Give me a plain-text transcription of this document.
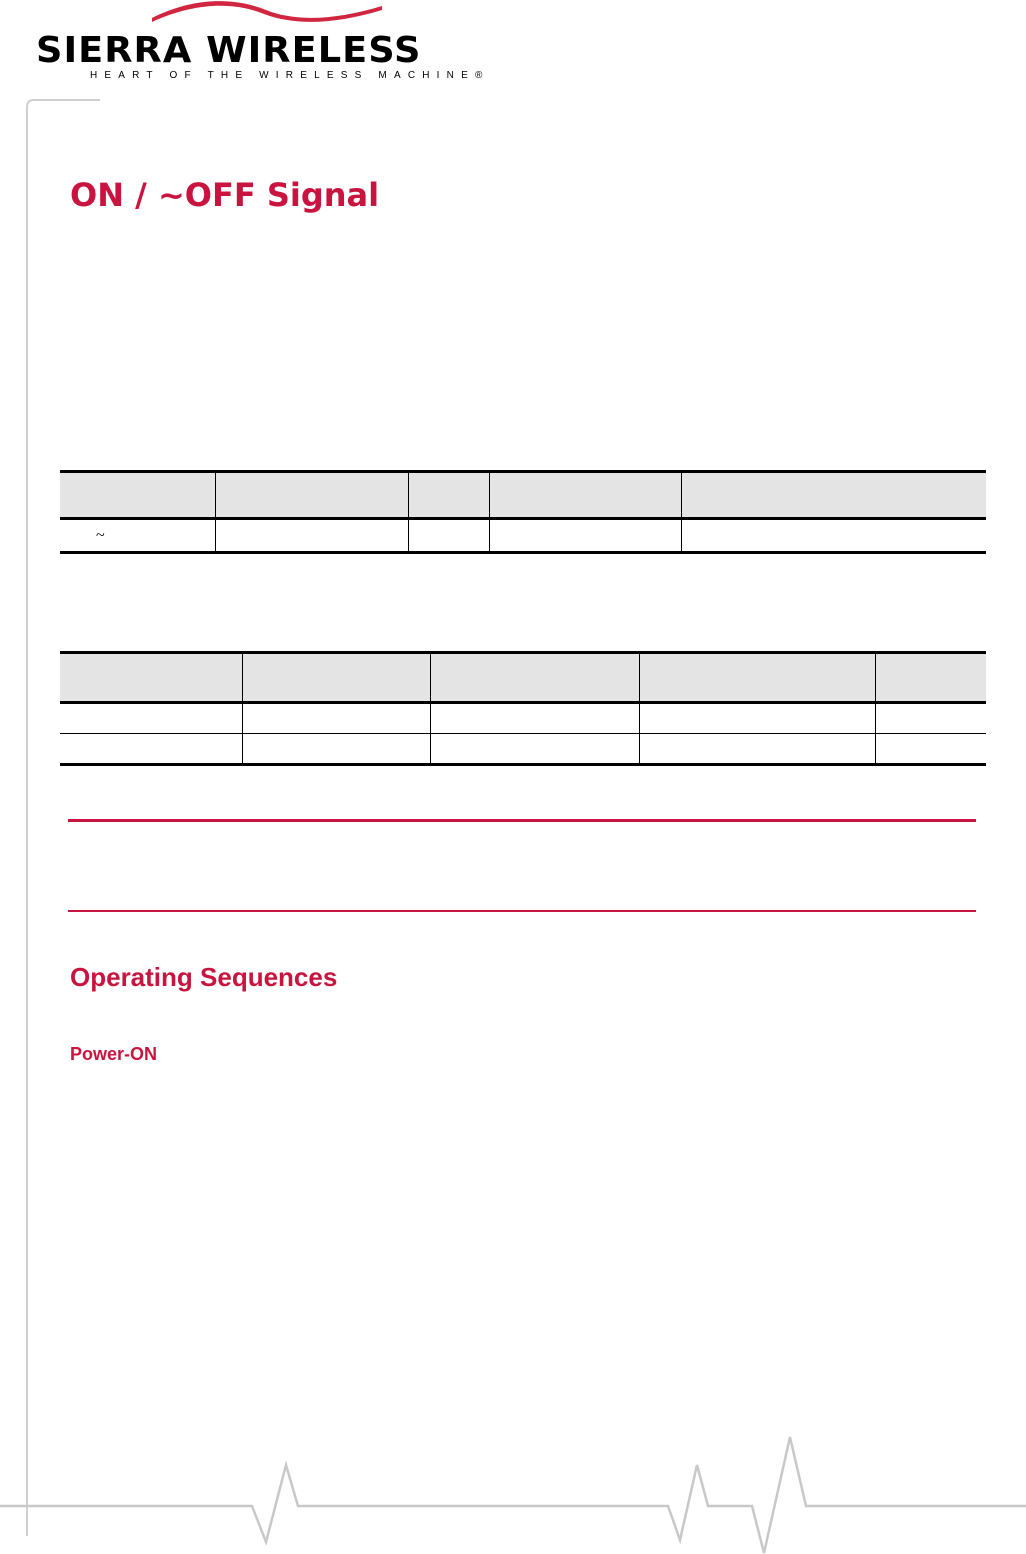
SIERRA WIRELESS
HEART OF THE WIRELESS MACHINE®
ON / ~OFF Signal

~				

Operating Sequences
Power-ON
